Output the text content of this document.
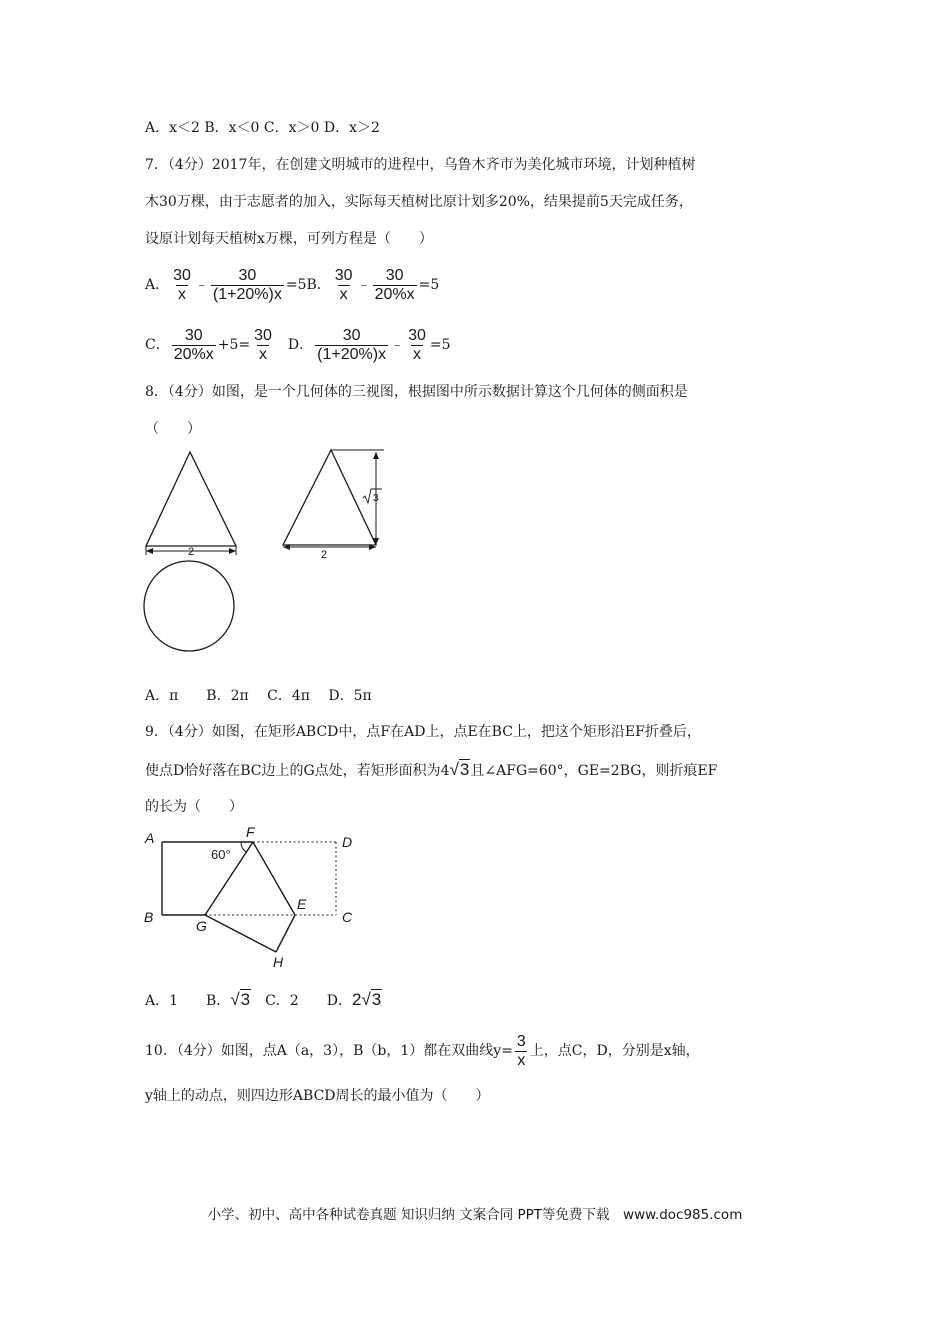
A．x＜2 B．x＜0 C．x＞0 D．x＞2
7．（4分）2017年，在创建文明城市的进程中，乌鲁木齐市为美化城市环境，计划种植树
木30万棵，由于志愿者的加入，实际每天植树比原计划多20%，结果提前5天完成任务，
设原计划每天植树x万棵，可列方程是（　　）
A． $\frac{30}{x}$ ﹣ $\frac{30}{(1+20\%)x} =5B$． $\frac{30}{x}$ ﹣ $\frac{30}{20\%x} =5$
C． $\frac{30}{20\%x} +5= \frac{30}{x}$ D． $\frac{30}{(1+20\%)x}$ ﹣ $\frac{30}{x} =5$
8．（4分）如图，是一个几何体的三视图，根据图中所示数据计算这个几何体的侧面积是
（　　）
2	2
3
A．π　　B．2π　 C．4π　 D．5π
9．（4分）如图，在矩形ABCD中，点F在AD上，点E在BC上，把这个矩形沿EF折叠后，
使点D恰好落在BC边上的G点处，若矩形面积为4√3且∠AFG=60°，GE=2BG，则折痕EF
的长为（　　）
A	F
D
B
G
E
C
H
60°
A．1　　B．√3　C．2　　D．2√3
10．（4分）如图，点A（a，3），B（b，1）都在双曲线$y= \frac{3}{x}$ 上，点C，D，分别是x轴，
y轴上的动点，则四边形ABCD周长的最小值为（　　）
小学、初中、高中各种试卷真题 知识归纳 文案合同 PPT等免费下载　www.doc985.com
